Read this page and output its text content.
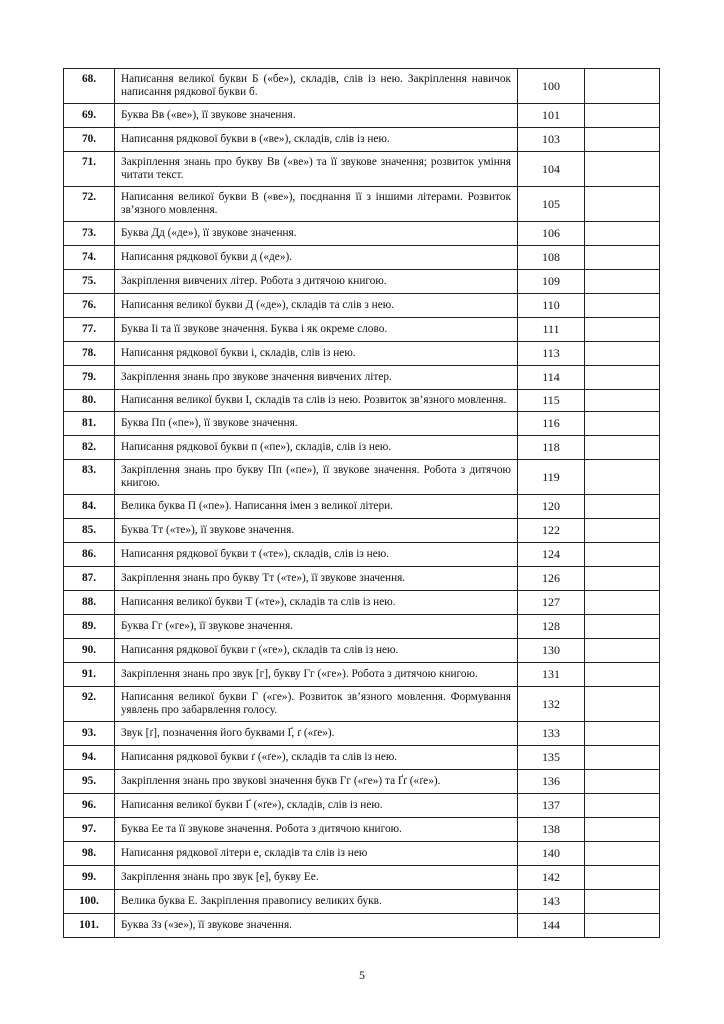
68.	Написання великої букви Б («бе»), складів, слів із нею. Закріплення навичок написання рядкової букви б.	100	
69.	Буква Вв («ве»), її звукове значення.	101	
70.	Написання рядкової букви в («ве»), складів, слів із нею.	103	
71.	Закріплення знань про букву Вв («ве») та її звукове значення; розвиток уміння читати текст.	104	
72.	Написання великої букви В («ве»), поєднання її з іншими літерами. Розвиток зв’язного мовлення.	105	
73.	Буква Дд («де»), її звукове значення.	106	
74.	Написання рядкової букви д («де»).	108	
75.	Закріплення вивчених літер. Робота з дитячою книгою.	109	
76.	Написання великої букви Д («де»), складів та слів з нею.	110	
77.	Буква Іі та її звукове значення. Буква і як окреме слово.	111	
78.	Написання рядкової букви і, складів, слів із нею.	113	
79.	Закріплення знань про звукове значення вивчених літер.	114	
80.	Написання великої букви І, складів та слів із нею. Розвиток зв’язного мовлення.	115	
81.	Буква Пп («пе»), її звукове значення.	116	
82.	Написання рядкової букви п («пе»), складів, слів із нею.	118	
83.	Закріплення знань про букву Пп («пе»), її звукове значення. Робота з дитячою книгою.	119	
84.	Велика буква П («пе»). Написання імен з великої літери.	120	
85.	Буква Тт («те»), її звукове значення.	122	
86.	Написання рядкової букви т («те»), складів, слів із нею.	124	
87.	Закріплення знань про букву Тт («те»), її звукове значення.	126	
88.	Написання великої букви Т («те»), складів та слів із нею.	127	
89.	Буква Гг («ге»), її звукове значення.	128	
90.	Написання рядкової букви г («ге»), складів та слів із нею.	130	
91.	Закріплення знань про звук [г], букву Гг («ге»). Робота з дитячою книгою.	131	
92.	Написання великої букви Г («ге»). Розвиток зв’язного мовлення. Формування уявлень про забарвлення голосу.	132	
93.	Звук [ґ], позначення його буквами Ґ, ґ («ґе»).	133	
94.	Написання рядкової букви ґ («ґе»), складів та слів із нею.	135	
95.	Закріплення знань про звукові значення букв Гг («ге») та Ґґ («ґе»).	136	
96.	Написання великої букви Ґ («ґе»), складів, слів із нею.	137	
97.	Буква Ее та її звукове значення. Робота з дитячою книгою.	138	
98.	Написання рядкової літери е, складів та слів із нею	140	
99.	Закріплення знань про звук [е], букву Ее.	142	
100.	Велика буква Е. Закріплення правопису великих букв.	143	
101.	Буква Зз («зе»), її звукове значення.	144	
5
